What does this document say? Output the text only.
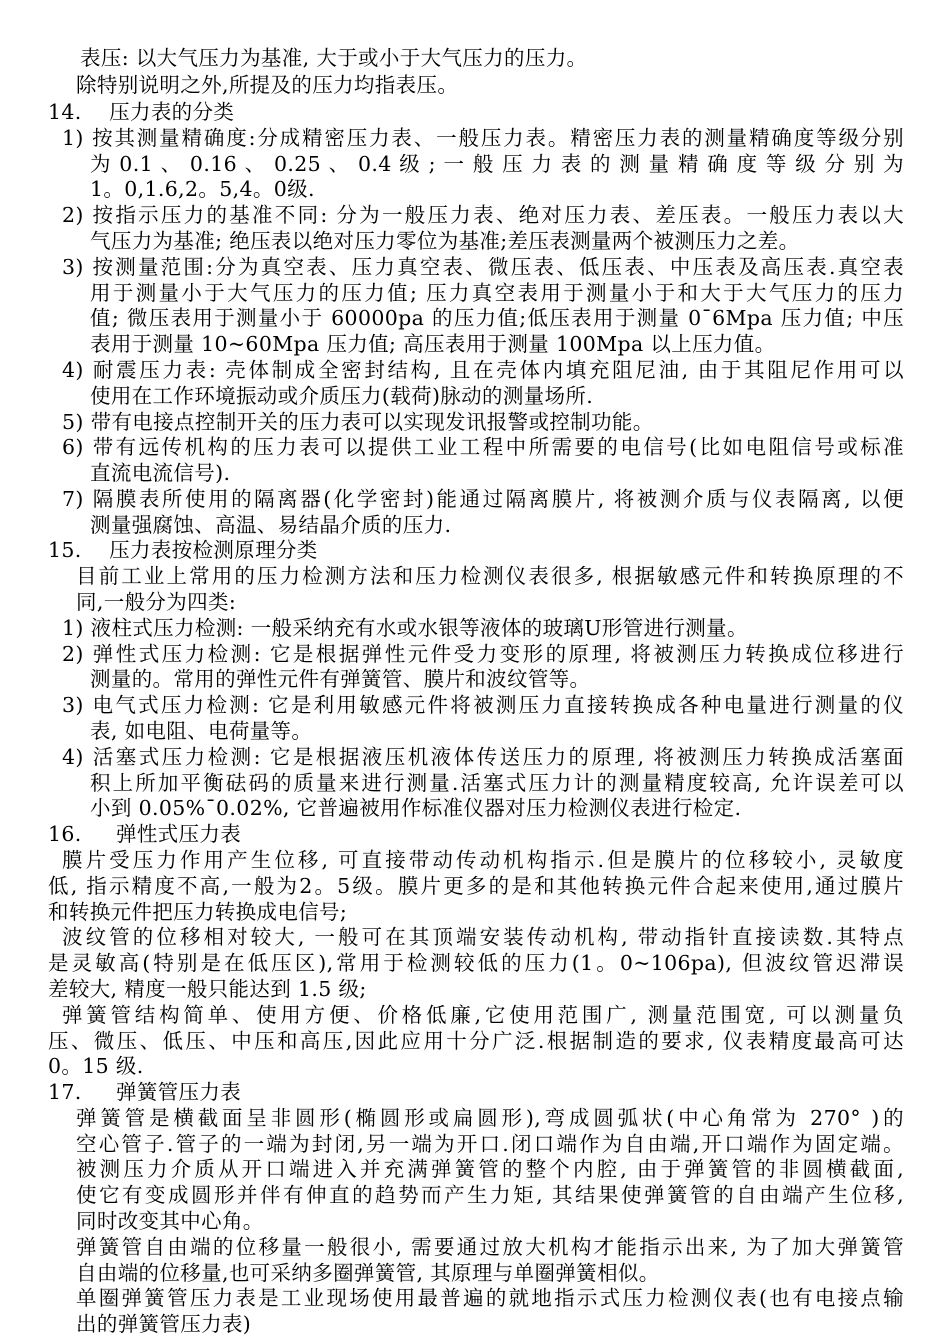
表压: 以大气压力为基准, 大于或小于大气压力的压力。
除特别说明之外,所提及的压力均指表压。
14.    压力表的分类
1) 按其测量精确度:分成精密压力表、一般压力表。精密压力表的测量精确度等级分别
为 0.1 、 0.16 、 0.25 、 0.4 级 ; 一 般 压 力 表 的 测 量 精 确 度 等 级 分 别 为
1。0,1.6,2。5,4。0级.
2) 按指示压力的基准不同: 分为一般压力表、绝对压力表、差压表。一般压力表以大
气压力为基准; 绝压表以绝对压力零位为基准;差压表测量两个被测压力之差。
3) 按测量范围:分为真空表、压力真空表、微压表、低压表、中压表及高压表.真空表
用于测量小于大气压力的压力值; 压力真空表用于测量小于和大于大气压力的压力
值; 微压表用于测量小于 60000pa 的压力值;低压表用于测量 0¯6Mpa 压力值; 中压
表用于测量 10~60Mpa 压力值; 高压表用于测量 100Mpa 以上压力值。
4) 耐震压力表: 壳体制成全密封结构, 且在壳体内填充阻尼油, 由于其阻尼作用可以
使用在工作环境振动或介质压力(载荷)脉动的测量场所.
5) 带有电接点控制开关的压力表可以实现发讯报警或控制功能。
6) 带有远传机构的压力表可以提供工业工程中所需要的电信号(比如电阻信号或标准
直流电流信号).
7) 隔膜表所使用的隔离器(化学密封)能通过隔离膜片, 将被测介质与仪表隔离, 以便
测量强腐蚀、高温、易结晶介质的压力.
15.    压力表按检测原理分类
目前工业上常用的压力检测方法和压力检测仪表很多, 根据敏感元件和转换原理的不
同,一般分为四类:
1) 液柱式压力检测: 一般采纳充有水或水银等液体的玻璃U形管进行测量。
2) 弹性式压力检测: 它是根据弹性元件受力变形的原理, 将被测压力转换成位移进行
测量的。常用的弹性元件有弹簧管、膜片和波纹管等。
3) 电气式压力检测: 它是利用敏感元件将被测压力直接转换成各种电量进行测量的仪
表, 如电阻、电荷量等。
4) 活塞式压力检测: 它是根据液压机液体传送压力的原理, 将被测压力转换成活塞面
积上所加平衡砝码的质量来进行测量.活塞式压力计的测量精度较高, 允许误差可以
小到 0.05%¯0.02%, 它普遍被用作标准仪器对压力检测仪表进行检定.
16.     弹性式压力表
膜片受压力作用产生位移, 可直接带动传动机构指示.但是膜片的位移较小, 灵敏度
低, 指示精度不高,一般为2。5级。膜片更多的是和其他转换元件合起来使用,通过膜片
和转换元件把压力转换成电信号;
波纹管的位移相对较大, 一般可在其顶端安装传动机构, 带动指针直接读数.其特点
是灵敏高(特别是在低压区),常用于检测较低的压力(1。0~106pa), 但波纹管迟滞误
差较大, 精度一般只能达到 1.5 级;
弹簧管结构简单、使用方便、价格低廉,它使用范围广, 测量范围宽, 可以测量负
压、微压、低压、中压和高压,因此应用十分广泛.根据制造的要求, 仪表精度最高可达
0。15 级.
17.     弹簧管压力表
弹簧管是横截面呈非圆形(椭圆形或扁圆形),弯成圆弧状(中心角常为 270° )的
空心管子.管子的一端为封闭,另一端为开口.闭口端作为自由端,开口端作为固定端。
被测压力介质从开口端进入并充满弹簧管的整个内腔, 由于弹簧管的非圆横截面,
使它有变成圆形并伴有伸直的趋势而产生力矩, 其结果使弹簧管的自由端产生位移,
同时改变其中心角。
弹簧管自由端的位移量一般很小, 需要通过放大机构才能指示出来, 为了加大弹簧管
自由端的位移量,也可采纳多圈弹簧管, 其原理与单圈弹簧相似。
单圈弹簧管压力表是工业现场使用最普遍的就地指示式压力检测仪表(也有电接点输
出的弹簧管压力表)
